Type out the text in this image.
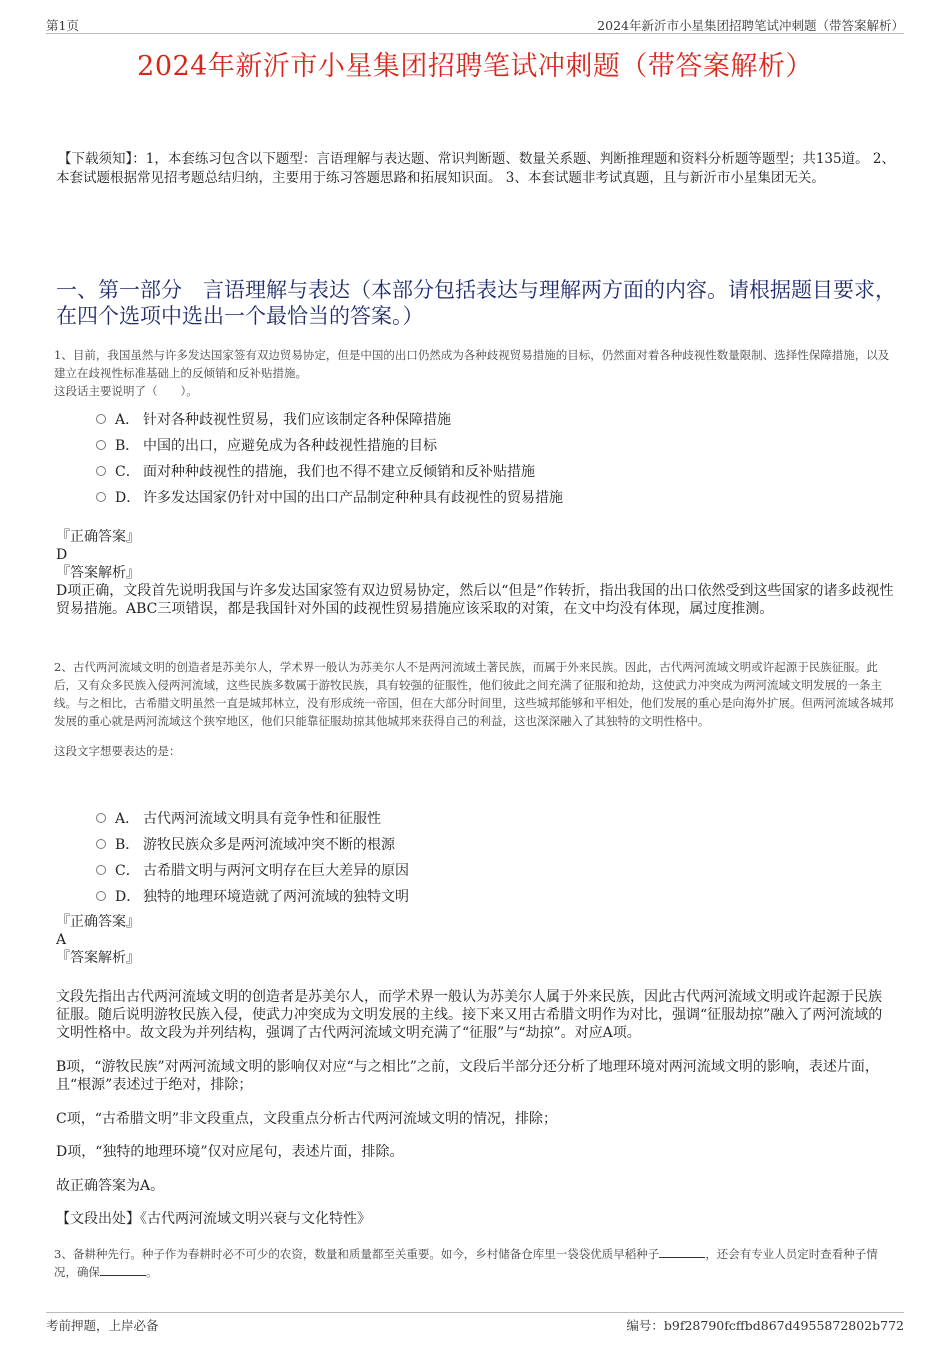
第1页	2024年新沂市小星集团招聘笔试冲刺题（带答案解析）
2024年新沂市小星集团招聘笔试冲刺题（带答案解析）
【下载须知】：1，本套练习包含以下题型：言语理解与表达题、常识判断题、数量关系题、判断推理题和资料分析题等题型；共135道。 2、本套试题根据常见招考题总结归纳，主要用于练习答题思路和拓展知识面。 3、本套试题非考试真题，且与新沂市小星集团无关。
一、第一部分　言语理解与表达（本部分包括表达与理解两方面的内容。请根据题目要求，在四个选项中选出一个最恰当的答案。）
1、目前，我国虽然与许多发达国家签有双边贸易协定，但是中国的出口仍然成为各种歧视贸易措施的目标，仍然面对着各种歧视性数量限制、选择性保障措施，以及建立在歧视性标准基础上的反倾销和反补贴措施。
这段话主要说明了（　　）。
A． 针对各种歧视性贸易，我们应该制定各种保障措施
B． 中国的出口，应避免成为各种歧视性措施的目标
C． 面对种种歧视性的措施，我们也不得不建立反倾销和反补贴措施
D． 许多发达国家仍针对中国的出口产品制定种种具有歧视性的贸易措施

『正确答案』

D

『答案解析』

D项正确，文段首先说明我国与许多发达国家签有双边贸易协定，然后以“但是”作转折，指出我国的出口依然受到这些国家的诸多歧视性贸易措施。ABC三项错误，都是我国针对外国的歧视性贸易措施应该采取的对策，在文中均没有体现，属过度推测。

2、古代两河流域文明的创造者是苏美尔人，学术界一般认为苏美尔人不是两河流域土著民族，而属于外来民族。因此，古代两河流域文明或许起源于民族征服。此后，又有众多民族入侵两河流域，这些民族多数属于游牧民族，具有较强的征服性，他们彼此之间充满了征服和抢劫，这使武力冲突成为两河流域文明发展的一条主线。与之相比，古希腊文明虽然一直是城邦林立，没有形成统一帝国，但在大部分时间里，这些城邦能够和平相处，他们发展的重心是向海外扩展。但两河流域各城邦发展的重心就是两河流域这个狭窄地区，他们只能靠征服劫掠其他城邦来获得自己的利益，这也深深融入了其独特的文明性格中。
这段文字想要表达的是：
A． 古代两河流域文明具有竞争性和征服性
B． 游牧民族众多是两河流域冲突不断的根源
C． 古希腊文明与两河文明存在巨大差异的原因
D． 独特的地理环境造就了两河流域的独特文明

『正确答案』

A

『答案解析』

文段先指出古代两河流域文明的创造者是苏美尔人，而学术界一般认为苏美尔人属于外来民族，因此古代两河流域文明或许起源于民族征服。随后说明游牧民族入侵，使武力冲突成为文明发展的主线。接下来又用古希腊文明作为对比，强调“征服劫掠”融入了两河流域的文明性格中。故文段为并列结构，强调了古代两河流域文明充满了“征服”与“劫掠”。对应A项。

B项，“游牧民族”对两河流域文明的影响仅对应“与之相比”之前，文段后半部分还分析了地理环境对两河流域文明的影响，表述片面，且“根源”表述过于绝对，排除；

C项，“古希腊文明”非文段重点，文段重点分析古代两河流域文明的情况，排除；

D项，“独特的地理环境”仅对应尾句，表述片面，排除。

故正确答案为A。

【文段出处】《古代两河流域文明兴衰与文化特性》

3、备耕种先行。种子作为春耕时必不可少的农资，数量和质量都至关重要。如今，乡村储备仓库里一袋袋优质早稻种子	，还会有专业人员定时查看种子情况，确保	。
考前押题，上岸必备	编号：b9f28790fcffbd867d4955872802b772
